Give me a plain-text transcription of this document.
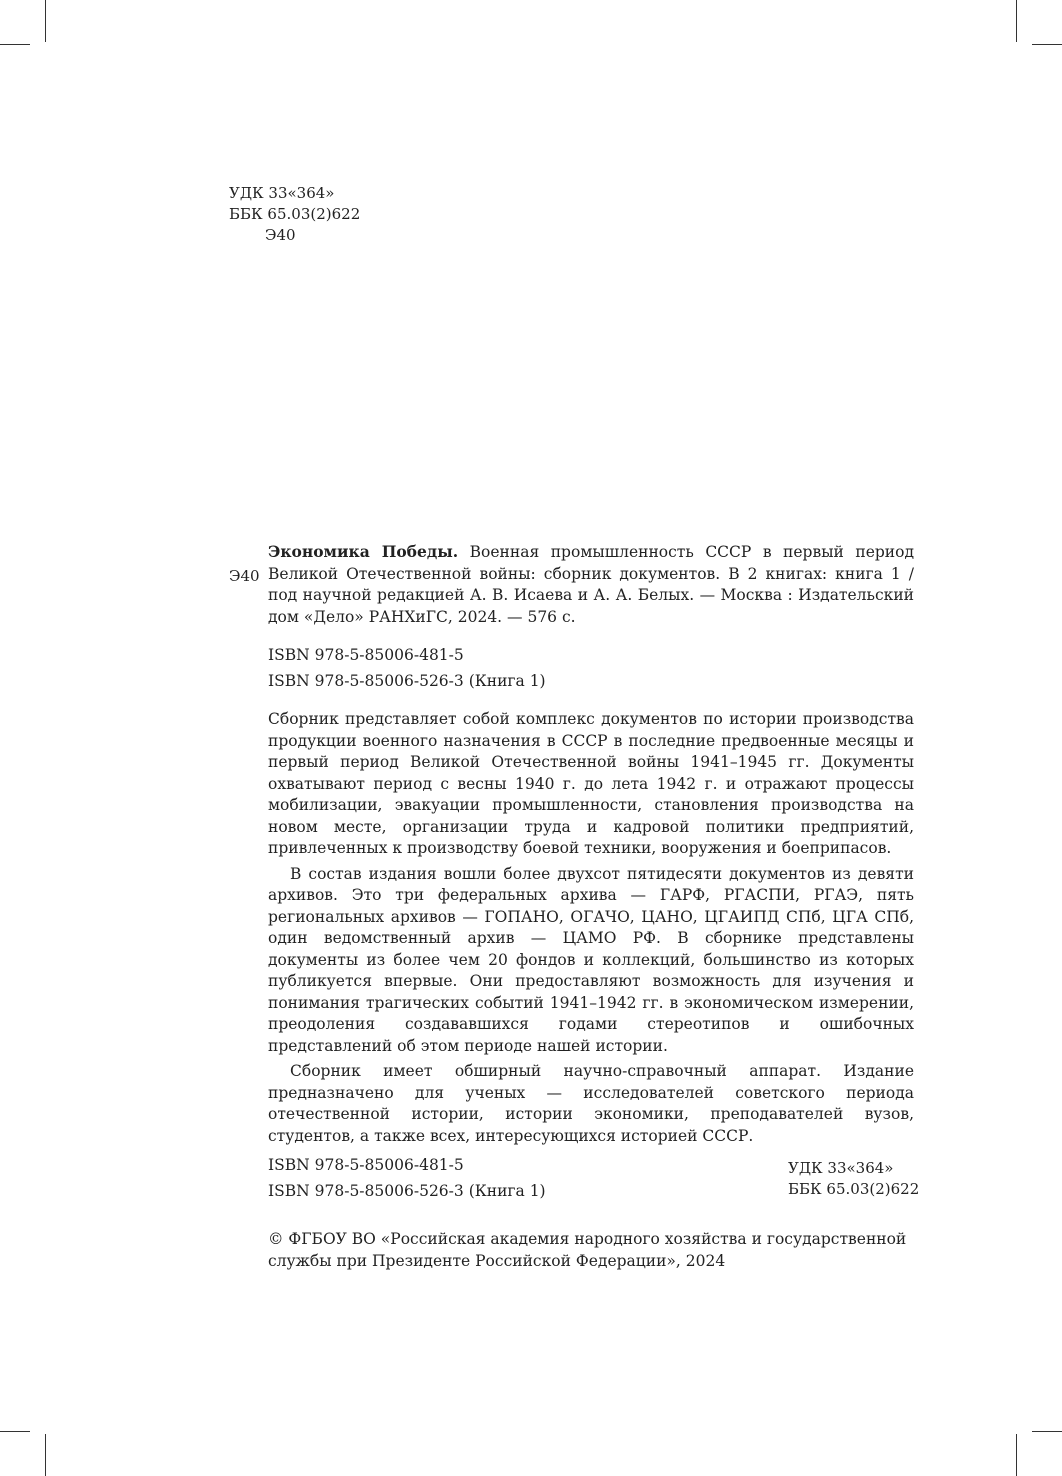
УДК 33«364»
ББК 65.03(2)622
Э40
Э40
Экономика Победы. Военная промышленность СССР в первый период Великой Отечественной войны: сборник документов. В 2 книгах: книга 1 / под научной редакцией А. В. Исаева и А. А. Белых. — Москва : Издательский дом «Дело» РАНХиГС, 2024. — 576 с.
ISBN 978-5-85006-481-5
ISBN 978-5-85006-526-3 (Книга 1)

Сборник представляет собой комплекс документов по истории производства продукции военного назначения в СССР в последние предвоенные месяцы и первый период Великой Отечественной войны 1941–1945 гг. Документы охватывают период с весны 1940 г. до лета 1942 г. и отражают процессы мобилизации, эвакуации промышленности, становления производства на новом месте, организации труда и кадровой политики предприятий, привлеченных к производству боевой техники, вооружения и боеприпасов.

В состав издания вошли более двухсот пятидесяти документов из девяти архивов. Это три федеральных архива — ГАРФ, РГАСПИ, РГАЭ, пять региональных архивов — ГОПАНО, ОГАЧО, ЦАНО, ЦГАИПД СПб, ЦГА СПб, один ведомственный архив — ЦАМО РФ. В сборнике представлены документы из более чем 20 фондов и коллекций, большинство из которых публикуется впервые. Они предоставляют возможность для изучения и понимания трагических событий 1941–1942 гг. в экономическом измерении, преодоления создававшихся годами стереотипов и ошибочных представлений об этом периоде нашей истории.

Сборник имеет обширный научно-справочный аппарат. Издание предназначено для ученых — исследователей советского периода отечественной истории, истории экономики, преподавателей вузов, студентов, а также всех, интересующихся историей СССР.

ISBN 978-5-85006-481-5
ISBN 978-5-85006-526-3 (Книга 1)
УДК 33«364»
ББК 65.03(2)622
© ФГБОУ ВО «Российская академия народного хозяйства и государственной службы при Президенте Российской Федерации», 2024
